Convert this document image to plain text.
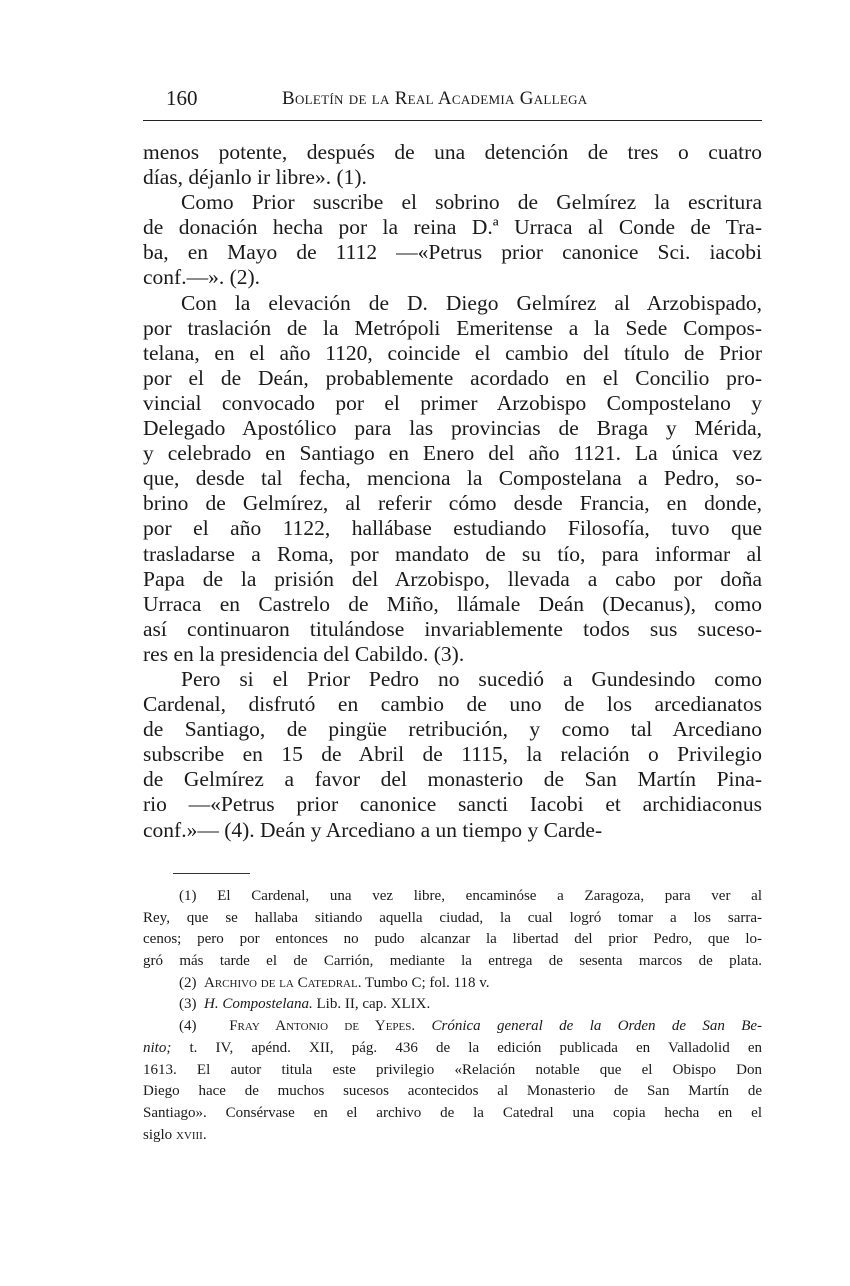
160	Boletín de la Real Academia Gallega
menos potente, después de una detención de tres o cuatro
días, déjanlo ir libre». (1).
Como Prior suscribe el sobrino de Gelmírez la escritura
de donación hecha por la reina D.ª Urraca al Conde de Tra-
ba, en Mayo de 1112 —«Petrus prior canonice Sci. iacobi
conf.—». (2).
Con la elevación de D. Diego Gelmírez al Arzobispado,
por traslación de la Metrópoli Emeritense a la Sede Compos-
telana, en el año 1120, coincide el cambio del título de Prior
por el de Deán, probablemente acordado en el Concilio pro-
vincial convocado por el primer Arzobispo Compostelano y
Delegado Apostólico para las provincias de Braga y Mérida,
y celebrado en Santiago en Enero del año 1121. La única vez
que, desde tal fecha, menciona la Compostelana a Pedro, so-
brino de Gelmírez, al referir cómo desde Francia, en donde,
por el año 1122, hallábase estudiando Filosofía, tuvo que
trasladarse a Roma, por mandato de su tío, para informar al
Papa de la prisión del Arzobispo, llevada a cabo por doña
Urraca en Castrelo de Miño, llámale Deán (Decanus), como
así continuaron titulándose invariablemente todos sus suceso-
res en la presidencia del Cabildo. (3).
Pero si el Prior Pedro no sucedió a Gundesindo como
Cardenal, disfrutó en cambio de uno de los arcedianatos
de Santiago, de pingüe retribución, y como tal Arcediano
subscribe en 15 de Abril de 1115, la relación o Privilegio
de Gelmírez a favor del monasterio de San Martín Pina-
rio —«Petrus prior canonice sancti Iacobi et archidiaconus
conf.»— (4). Deán y Arcediano a un tiempo y Carde-
(1) El Cardenal, una vez libre, encaminóse a Zaragoza, para ver al
Rey, que se hallaba sitiando aquella ciudad, la cual logró tomar a los sarra-
cenos; pero por entonces no pudo alcanzar la libertad del prior Pedro, que lo-
gró más tarde el de Carrión, mediante la entrega de sesenta marcos de plata.
(2) Archivo de la Catedral. Tumbo C; fol. 118 v.
(3) H. Compostelana. Lib. II, cap. XLIX.
(4) Fray Antonio de Yepes. Crónica general de la Orden de San Be-
nito; t. IV, apénd. XII, pág. 436 de la edición publicada en Valladolid en
1613. El autor titula este privilegio «Relación notable que el Obispo Don
Diego hace de muchos sucesos acontecidos al Monasterio de San Martín de
Santiago». Consérvase en el archivo de la Catedral una copia hecha en el
siglo xviii.
